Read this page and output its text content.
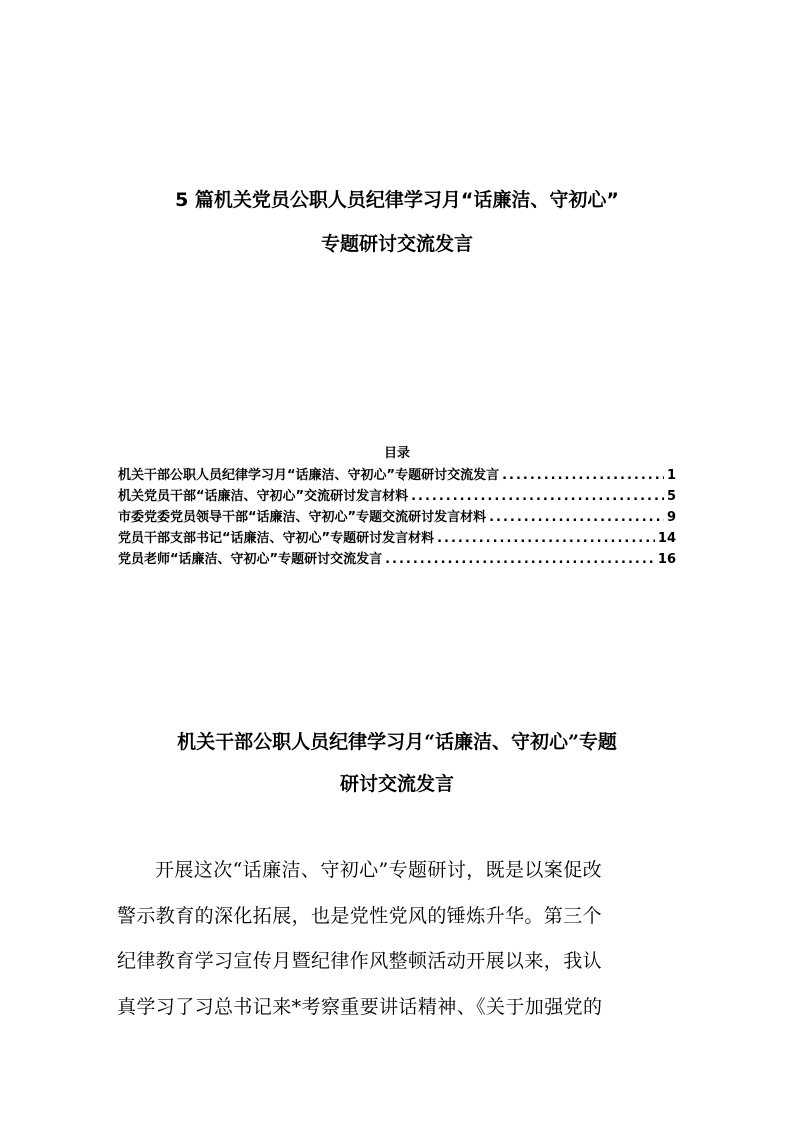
5 篇机关党员公职人员纪律学习月“话廉洁、守初心”
专题研讨交流发言
目录
机关干部公职人员纪律学习月“话廉洁、守初心”专题研讨交流发言 .....	1
机关党员干部“话廉洁、守初心”交流研讨发言材料 .....	5
市委党委党员领导干部“话廉洁、守初心”专题交流研讨发言材料 .....	9
党员干部支部书记“话廉洁、守初心”专题研讨发言材料 .....	14
党员老师“话廉洁、守初心”专题研讨交流发言 .....	16
机关干部公职人员纪律学习月“话廉洁、守初心”专题
研讨交流发言
开展这次“话廉洁、守初心”专题研讨，既是以案促改
警示教育的深化拓展，也是党性党风的锤炼升华。第三个
纪律教育学习宣传月暨纪律作风整顿活动开展以来，我认
真学习了习总书记来*考察重要讲话精神、《关于加强党的
